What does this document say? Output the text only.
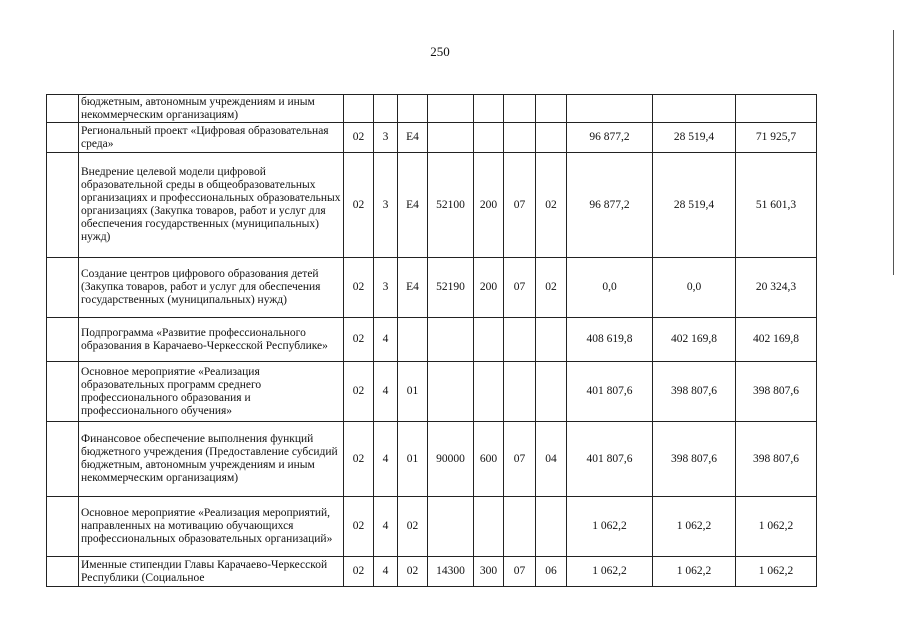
250
	бюджетным, автономным учреждениям и иным некоммерческим организациям)										
	Региональный проект «Цифровая образовательная среда»	02	3	Е4					96 877,2	28 519,4	71 925,7
	Внедрение целевой модели цифровой образовательной среды в общеобразовательных организациях и профессиональных образовательных организациях (Закупка товаров, работ и услуг для обеспечения государственных (муниципальных) нужд)	02	3	Е4	52100	200	07	02	96 877,2	28 519,4	51 601,3
	Создание центров цифрового образования детей (Закупка товаров, работ и услуг для обеспечения государственных (муниципальных) нужд)	02	3	Е4	52190	200	07	02	0,0	0,0	20 324,3
	Подпрограмма «Развитие профессионального образования в Карачаево-Черкесской Республике»	02	4						408 619,8	402 169,8	402 169,8
	Основное мероприятие «Реализация образовательных программ среднего профессионального образования и профессионального обучения»	02	4	01					401 807,6	398 807,6	398 807,6
	Финансовое обеспечение выполнения функций бюджетного учреждения (Предоставление субсидий бюджетным, автономным учреждениям и иным некоммерческим организациям)	02	4	01	90000	600	07	04	401 807,6	398 807,6	398 807,6
	Основное мероприятие «Реализация мероприятий, направленных на мотивацию обучающихся профессиональных образовательных организаций»	02	4	02					1 062,2	1 062,2	1 062,2
	Именные стипендии Главы Карачаево-Черкесской Республики (Социальное	02	4	02	14300	300	07	06	1 062,2	1 062,2	1 062,2
